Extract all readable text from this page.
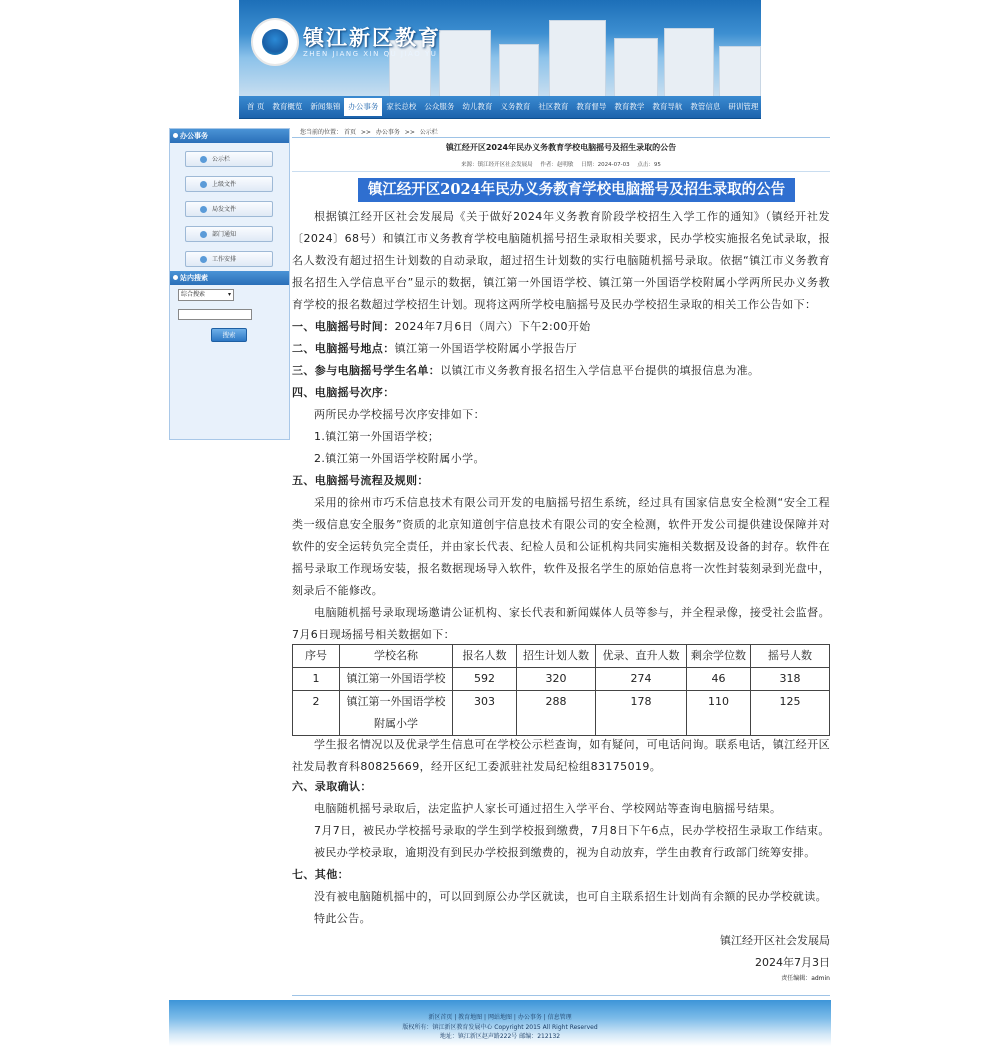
镇江新区教育
ZHEN JIANG XIN QU JIAO YU
首 页	教育概览	新闻集锦	办公事务	家长总校	公众服务	幼儿教育	义务教育	社区教育	教育督导	教育教学	教育导航	教管信息	研训管理
办公事务
公示栏
上级文件
局发文件
部门通知
工作安排
站内搜索
综合搜索	▾
搜索
您当前的位置： 首页 >> 办公事务 >> 公示栏
镇江经开区2024年民办义务教育学校电脑摇号及招生录取的公告
来源：镇江经开区社会发展局 作者：赵明敏 日期：2024-07-03 点击：95
镇江经开区2024年民办义务教育学校电脑摇号及招生录取的公告
根据镇江经开区社会发展局《关于做好2024年义务教育阶段学校招生入学工作的通知》（镇经开社发〔2024〕68号）和镇江市义务教育学校电脑随机摇号招生录取相关要求，民办学校实施报名免试录取，报名人数没有超过招生计划数的自动录取，超过招生计划数的实行电脑随机摇号录取。依据“镇江市义务教育报名招生入学信息平台”显示的数据，镇江第一外国语学校、镇江第一外国语学校附属小学两所民办义务教育学校的报名数超过学校招生计划。现将这两所学校电脑摇号及民办学校招生录取的相关工作公告如下：
一、电脑摇号时间：2024年7月6日（周六）下午2:00开始
二、电脑摇号地点：镇江第一外国语学校附属小学报告厅
三、参与电脑摇号学生名单：以镇江市义务教育报名招生入学信息平台提供的填报信息为准。
四、电脑摇号次序：
两所民办学校摇号次序安排如下：
1.镇江第一外国语学校；
2.镇江第一外国语学校附属小学。
五、电脑摇号流程及规则：
采用的徐州市巧禾信息技术有限公司开发的电脑摇号招生系统，经过具有国家信息安全检测“安全工程类一级信息安全服务”资质的北京知道创宇信息技术有限公司的安全检测，软件开发公司提供建设保障并对软件的安全运转负完全责任，并由家长代表、纪检人员和公证机构共同实施相关数据及设备的封存。软件在摇号录取工作现场安装，报名数据现场导入软件，软件及报名学生的原始信息将一次性封装刻录到光盘中，刻录后不能修改。
电脑随机摇号录取现场邀请公证机构、家长代表和新闻媒体人员等参与，并全程录像，接受社会监督。7月6日现场摇号相关数据如下：
序号	学校名称	报名人数	招生计划人数	优录、直升人数	剩余学位数	摇号人数
1	镇江第一外国语学校	592	320	274	46	318
2	镇江第一外国语学校
附属小学	303	288	178	110	125
学生报名情况以及优录学生信息可在学校公示栏查询，如有疑问，可电话问询。联系电话，镇江经开区社发局教育科80825669，经开区纪工委派驻社发局纪检组83175019。
六、录取确认：
电脑随机摇号录取后，法定监护人家长可通过招生入学平台、学校网站等查询电脑摇号结果。
7月7日，被民办学校摇号录取的学生到学校报到缴费，7月8日下午6点，民办学校招生录取工作结束。
被民办学校录取，逾期没有到民办学校报到缴费的，视为自动放弃，学生由教育行政部门统筹安排。
七、其他：
没有被电脑随机摇中的，可以回到原公办学区就读，也可自主联系招生计划尚有余额的民办学校就读。
特此公告。
镇江经开区社会发展局
2024年7月3日
责任编辑：admin
新区首页 | 教育地图 | 网站地图 | 办公事务 | 信息管理
版权所有：镇江新区教育发展中心 Copyright 2015 All Right Reserved
地址：镇江新区赵声路222号 邮编：212132
